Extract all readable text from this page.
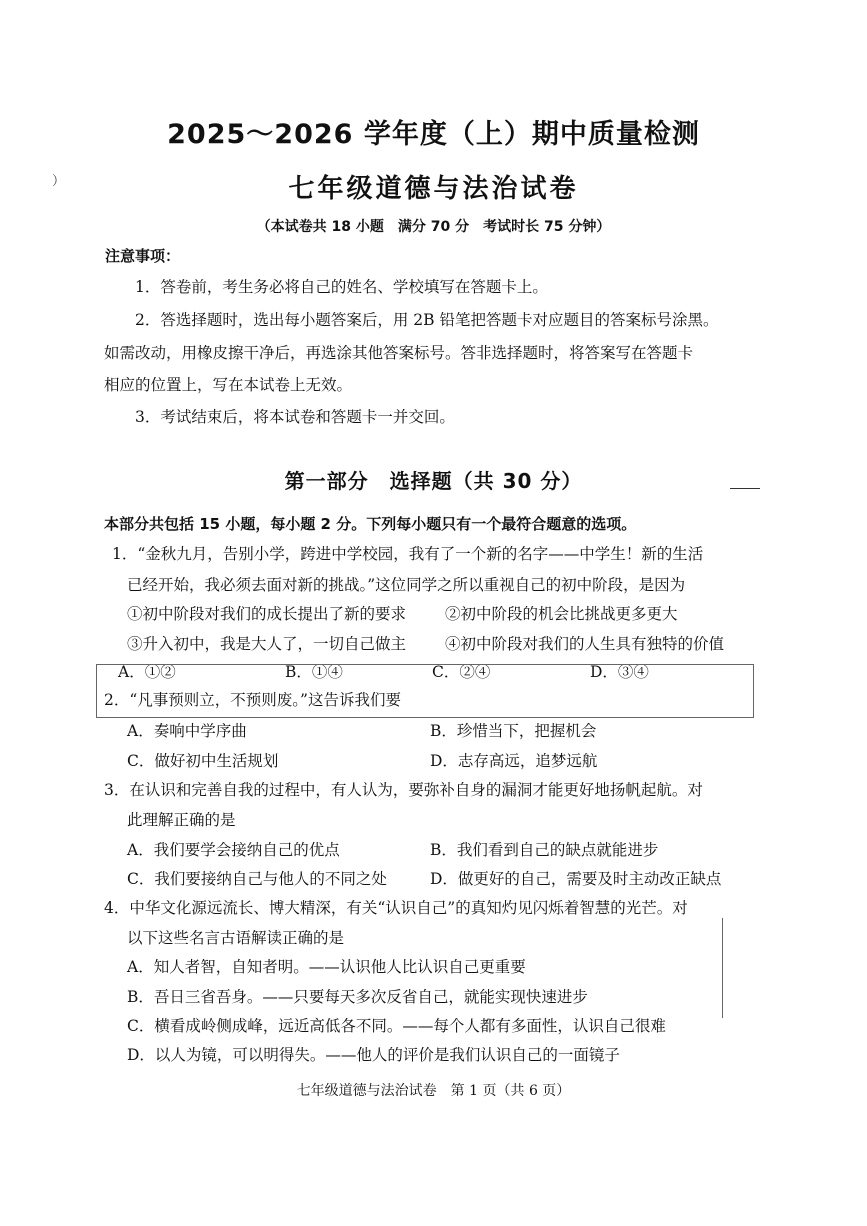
）
2025～2026 学年度（上）期中质量检测
七年级道德与法治试卷
（本试卷共 18 小题　满分 70 分　考试时长 75 分钟）
注意事项：
1．答卷前，考生务必将自己的姓名、学校填写在答题卡上。
2．答选择题时，选出每小题答案后，用 2B 铅笔把答题卡对应题目的答案标号涂黑。
如需改动，用橡皮擦干净后，再选涂其他答案标号。答非选择题时，将答案写在答题卡
相应的位置上，写在本试卷上无效。
3．考试结束后，将本试卷和答题卡一并交回。
第一部分　选择题（共 30 分）
本部分共包括 15 小题，每小题 2 分。下列每小题只有一个最符合题意的选项。
1．“金秋九月，告别小学，跨进中学校园，我有了一个新的名字——中学生！新的生活
已经开始，我必须去面对新的挑战。”这位同学之所以重视自己的初中阶段，是因为
①初中阶段对我们的成长提出了新的要求	②初中阶段的机会比挑战更多更大
③升入初中，我是大人了，一切自己做主	④初中阶段对我们的人生具有独特的价值
A．①②	B．①④	C．②④	D．③④
2．“凡事预则立，不预则废。”这告诉我们要
A．奏响中学序曲	B．珍惜当下，把握机会
C．做好初中生活规划	D．志存高远，追梦远航
3．在认识和完善自我的过程中，有人认为，要弥补自身的漏洞才能更好地扬帆起航。对
此理解正确的是
A．我们要学会接纳自己的优点	B．我们看到自己的缺点就能进步
C．我们要接纳自己与他人的不同之处	D．做更好的自己，需要及时主动改正缺点
4．中华文化源远流长、博大精深，有关“认识自己”的真知灼见闪烁着智慧的光芒。对
以下这些名言古语解读正确的是
A．知人者智，自知者明。——认识他人比认识自己更重要
B．吾日三省吾身。——只要每天多次反省自己，就能实现快速进步
C．横看成岭侧成峰，远近高低各不同。——每个人都有多面性，认识自己很难
D．以人为镜，可以明得失。——他人的评价是我们认识自己的一面镜子
七年级道德与法治试卷　第 1 页（共 6 页）
